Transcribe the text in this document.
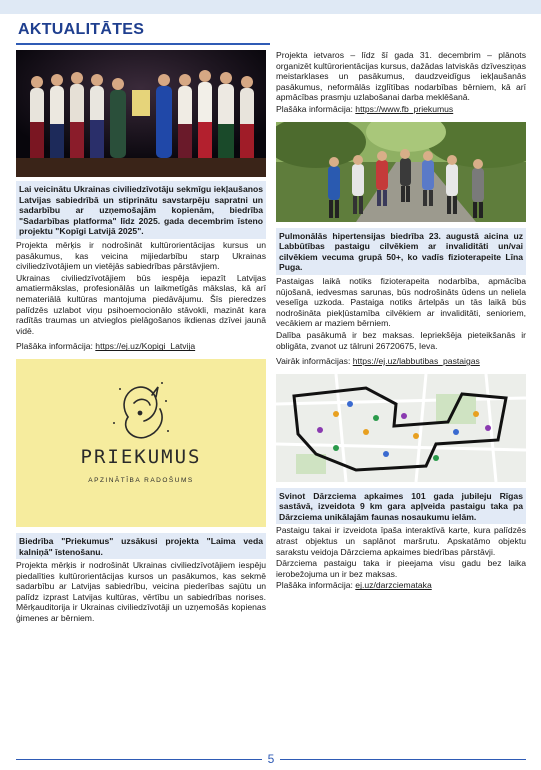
AKTUALITĀTES

Lai veicinātu Ukrainas civiliedzīvotāju sekmīgu iekļaušanos Latvijas sabiedrībā un stiprinātu savstarpēju sapratni un sadarbību ar uzņemošajām kopienām, biedrība "Sadarbības platforma" līdz 2025. gada decembrim īsteno projektu "Kopīgi Latvijā 2025".

Projekta mērķis ir nodrošināt kultūrorientācijas kursus un pasākumus, kas veicina mijiedarbību starp Ukrainas civiliedzīvotājiem un vietējās sabiedrības pārstāvjiem.

Ukrainas civiliedzīvotājiem būs iespēja iepazīt Latvijas amatiermākslas, profesionālās un laikmetīgās mākslas, kā arī nemateriālā kultūras mantojuma piedāvājumu. Šīs pieredzes palīdzēs uzlabot viņu psihoemocionālo stāvokli, mazināt kara radītās traumas un atvieglos pielāgošanos ikdienas dzīvei jaunā vidē.

Plašāka informācija: https://ej.uz/Kopigi_Latvija

PRIEKUMUS
APZINĀTĪBA RADOŠUMS

Biedrība "Priekumus" uzsākusi projekta "Laima veda kalniņā" īstenošanu.

Projekta mērķis ir nodrošināt Ukrainas civiliedzīvotājiem iespēju piedalīties kultūrorientācijas kursos un pasākumos, kas sekmē sadarbību ar Latvijas sabiedrību, veicina piederības sajūtu un palīdz izprast Latvijas kultūras, vērtību un sabiedrības norises. Mērķauditorija ir Ukrainas civiliedzīvotāji un uzņemošās kopienas ģimenes ar bērniem.

Projekta ietvaros – līdz šī gada 31. decembrim – plānots organizēt kultūrorientācijas kursus, dažādas latviskās dzīvesziņas meistarklases un pasākumus, daudzveidīgus iekļaušanās pasākumus, neformālās izglītības nodarbības bērniem, kā arī apmācības prasmju uzlabošanai darba meklēšanā.

Plašāka informācija: https://www.fb_priekumus

Pulmonālās hipertensijas biedrība 23. augustā aicina uz Labbūtības pastaigu cilvēkiem ar invaliditāti un/vai cilvēkiem vecuma grupā 50+, ko vadīs fizioterapeite Līna Puga.

Pastaigas laikā notiks fizioterapeita nodarbība, apmācība nūjošanā, iedvesmas sarunas, būs nodrošināts ūdens un neliela veselīga uzkoda. Pastaiga notiks ārtelpās un tās laikā būs nodrošināta piekļūstamība cilvēkiem ar invaliditāti, senioriem, vecākiem ar maziem bērniem.

Dalība pasākumā ir bez maksas. Iepriekšēja pieteikšanās ir obligāta, zvanot uz tālruni 26720675, Ieva.

Vairāk informācijas: https://ej.uz/labbutibas_pastaigas

Svinot Dārzciema apkaimes 101 gada jubileju Rīgas sastāvā, izveidota 9 km gara apļveida pastaigu taka pa Dārzciema unikālajām faunas nosaukumu ielām.

Pastaigu takai ir izveidota īpaša interaktīvā karte, kura palīdzēs atrast objektus un saplānot maršrutu. Apskatāmo objektu sarakstu veidoja Dārzciema apkaimes biedrības pārstāvji.

Dārzciema pastaigu taka ir pieejama visu gadu bez laika ierobežojuma un ir bez maksas.

Plašāka informācija: ej.uz/darzciemataka

5
